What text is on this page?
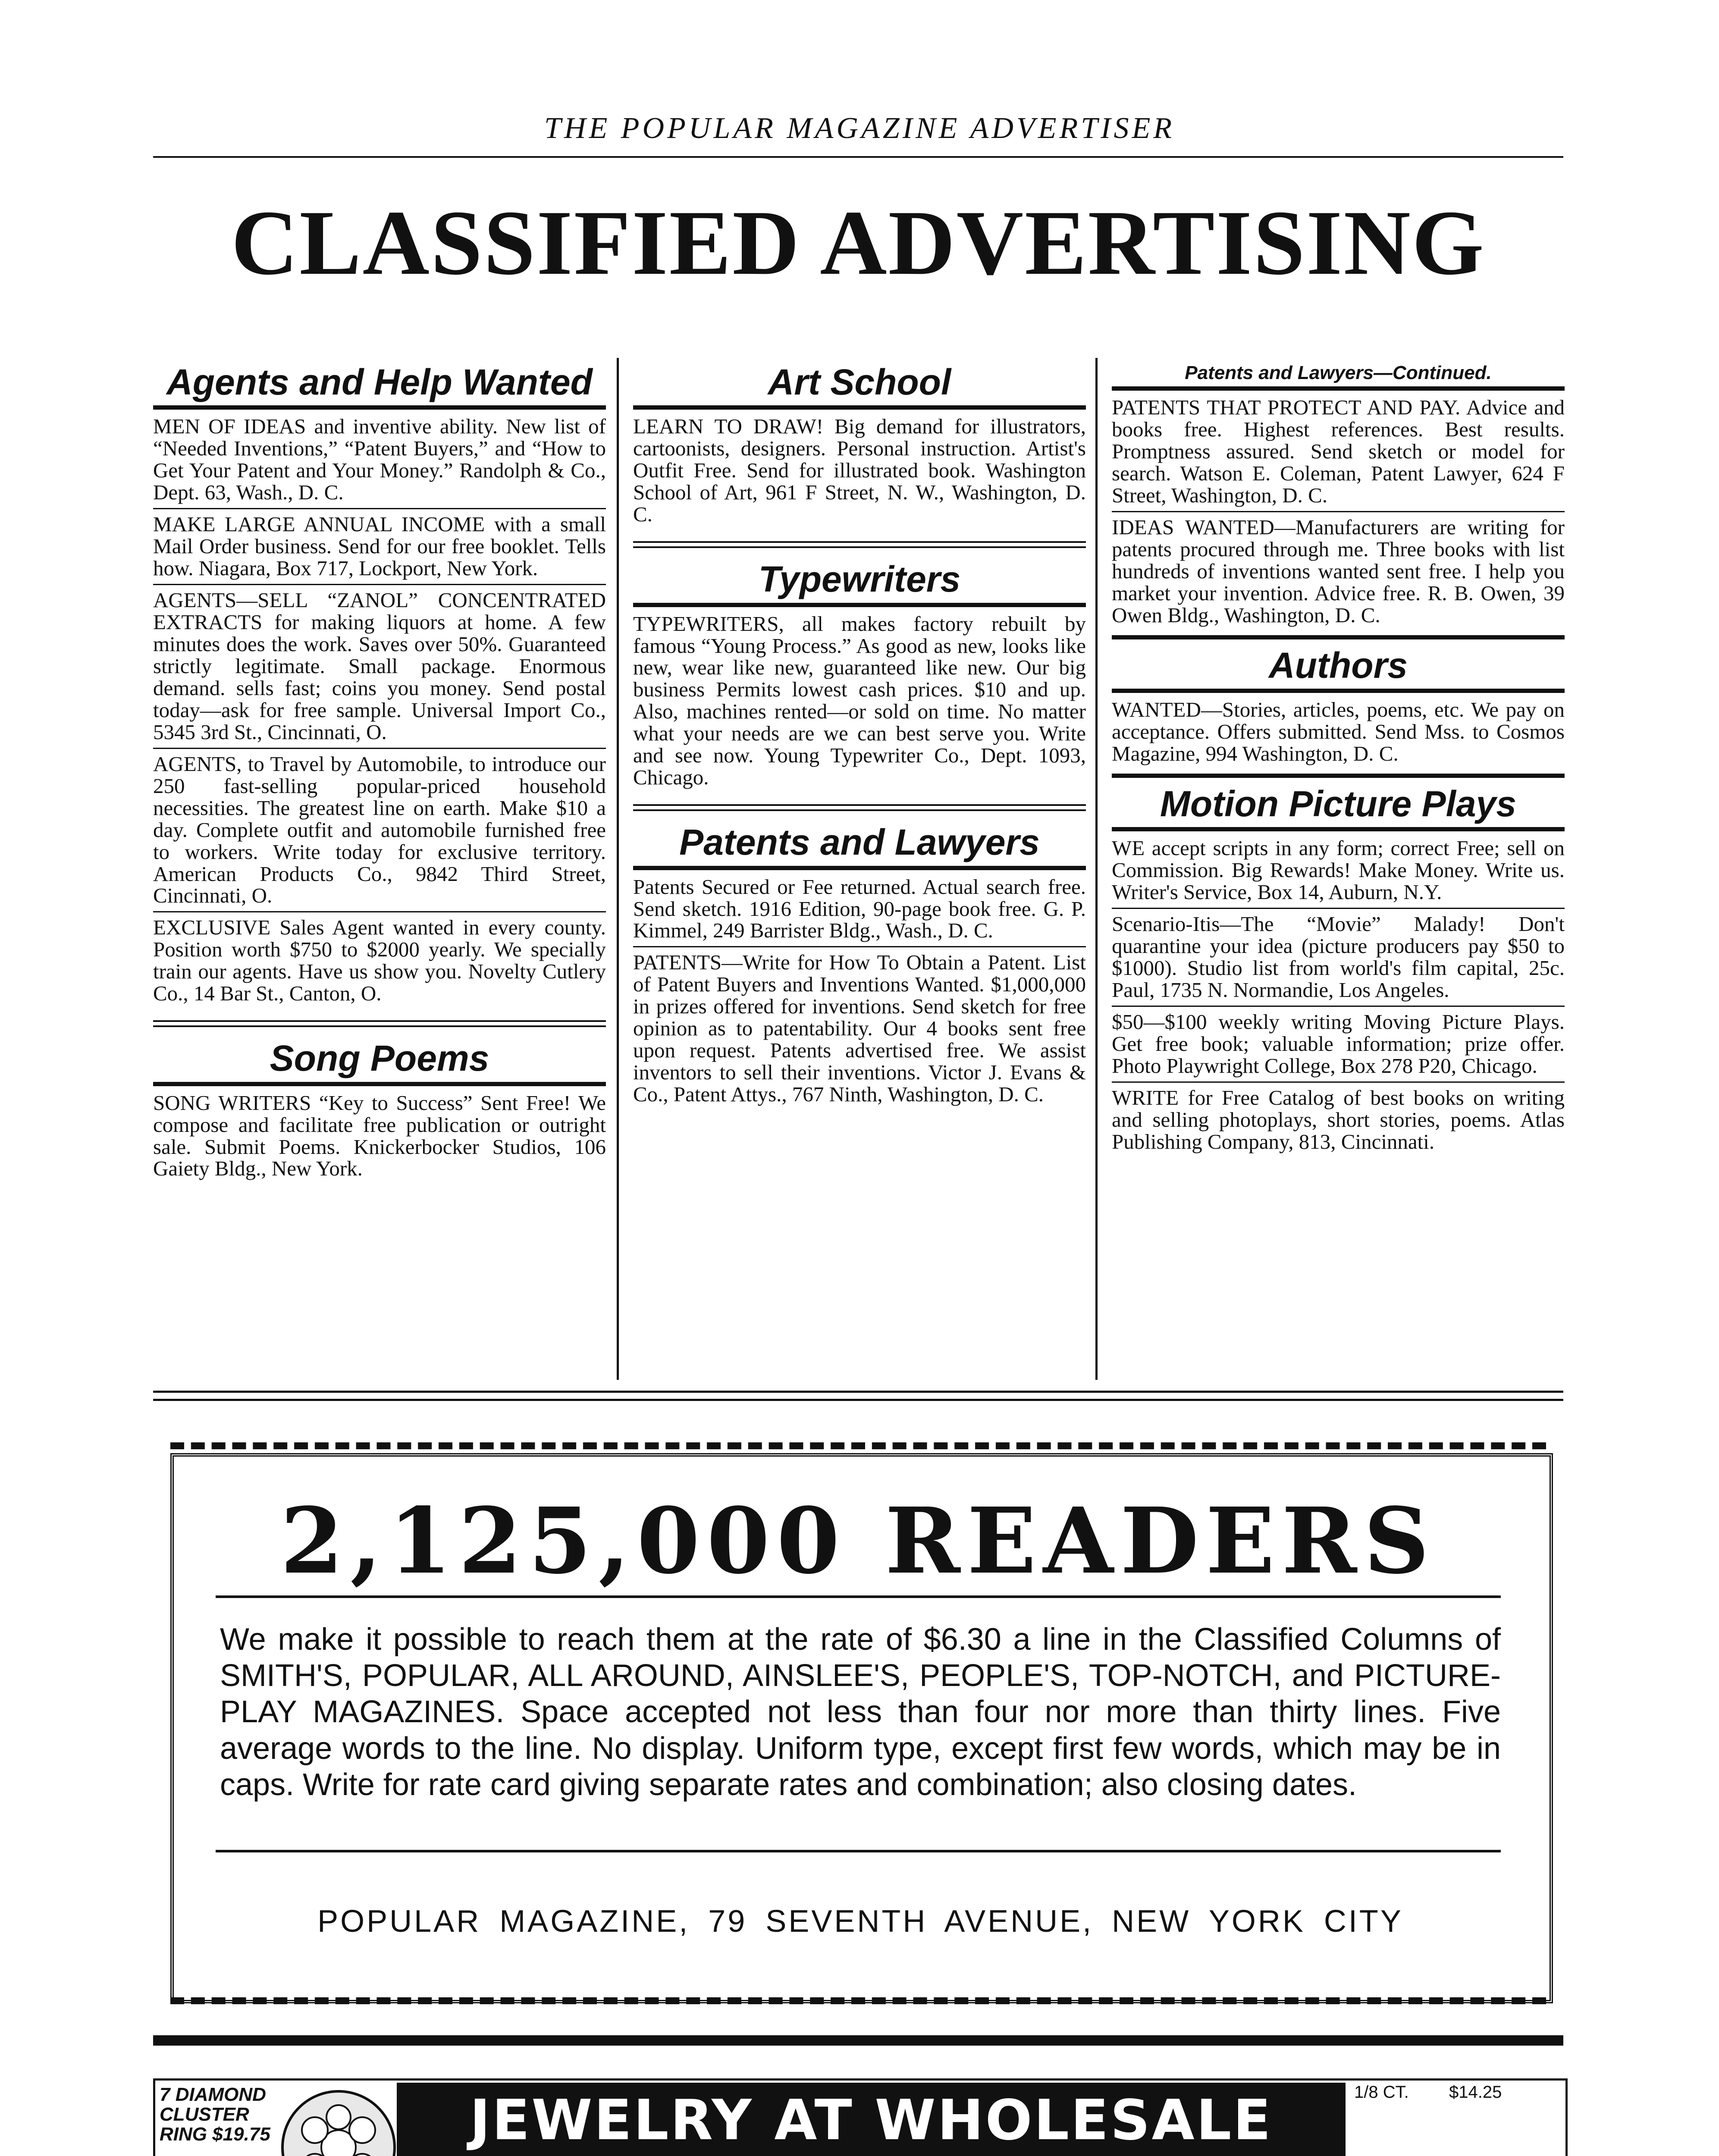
THE POPULAR MAGAZINE ADVERTISER
CLASSIFIED ADVERTISING
Agents and Help Wanted

MEN OF IDEAS and inventive ability. New list of “Needed Inventions,” “Patent Buyers,” and “How to Get Your Patent and Your Money.” Randolph & Co., Dept. 63, Wash., D. C.

MAKE LARGE ANNUAL INCOME with a small Mail Order business. Send for our free booklet. Tells how. Niagara, Box 717, Lockport, New York.

AGENTS—SELL “ZANOL” CONCENTRATED EXTRACTS for making liquors at home. A few minutes does the work. Saves over 50%. Guaranteed strictly legitimate. Small package. Enormous demand. sells fast; coins you money. Send postal today—ask for free sample. Universal Import Co., 5345 3rd St., Cincinnati, O.

AGENTS, to Travel by Automobile, to introduce our 250 fast-selling popular-priced household necessities. The greatest line on earth. Make $10 a day. Complete outfit and automobile furnished free to workers. Write today for exclusive territory. American Products Co., 9842 Third Street, Cincinnati, O.

EXCLUSIVE Sales Agent wanted in every county. Position worth $750 to $2000 yearly. We specially train our agents. Have us show you. Novelty Cutlery Co., 14 Bar St., Canton, O.

Song Poems

SONG WRITERS “Key to Success” Sent Free! We compose and facilitate free publication or outright sale. Submit Poems. Knickerbocker Studios, 106 Gaiety Bldg., New York.

Art School

LEARN TO DRAW! Big demand for illustrators, cartoonists, designers. Personal instruction. Artist's Outfit Free. Send for illustrated book. Washington School of Art, 961 F Street, N. W., Washington, D. C.

Typewriters

TYPEWRITERS, all makes factory rebuilt by famous “Young Process.” As good as new, looks like new, wear like new, guaranteed like new. Our big business Permits lowest cash prices. $10 and up. Also, machines rented—or sold on time. No matter what your needs are we can best serve you. Write and see now. Young Typewriter Co., Dept. 1093, Chicago.

Patents and Lawyers

Patents Secured or Fee returned. Actual search free. Send sketch. 1916 Edition, 90-page book free. G. P. Kimmel, 249 Barrister Bldg., Wash., D. C.

PATENTS—Write for How To Obtain a Patent. List of Patent Buyers and Inventions Wanted. $1,000,000 in prizes offered for inventions. Send sketch for free opinion as to patentability. Our 4 books sent free upon request. Patents advertised free. We assist inventors to sell their inventions. Victor J. Evans & Co., Patent Attys., 767 Ninth, Washington, D. C.

Patents and Lawyers—Continued.

PATENTS THAT PROTECT AND PAY. Advice and books free. Highest references. Best results. Promptness assured. Send sketch or model for search. Watson E. Coleman, Patent Lawyer, 624 F Street, Washington, D. C.

IDEAS WANTED—Manufacturers are writing for patents procured through me. Three books with list hundreds of inventions wanted sent free. I help you market your invention. Advice free. R. B. Owen, 39 Owen Bldg., Washington, D. C.

Authors

WANTED—Stories, articles, poems, etc. We pay on acceptance. Offers submitted. Send Mss. to Cosmos Magazine, 994 Washington, D. C.

Motion Picture Plays

WE accept scripts in any form; correct Free; sell on Commission. Big Rewards! Make Money. Write us. Writer's Service, Box 14, Auburn, N.Y.

Scenario-Itis—The “Movie” Malady! Don't quarantine your idea (picture producers pay $50 to $1000). Studio list from world's film capital, 25c. Paul, 1735 N. Normandie, Los Angeles.

$50—$100 weekly writing Moving Picture Plays. Get free book; valuable information; prize offer. Photo Playwright College, Box 278 P20, Chicago.

WRITE for Free Catalog of best books on writing and selling photoplays, short stories, poems. Atlas Publishing Company, 813, Cincinnati.

2,125,000 READERS
We make it possible to reach them at the rate of $6.30 a line in the Classified Columns of SMITH'S, POPULAR, ALL AROUND, AINSLEE'S, PEOPLE'S, TOP-NOTCH, and PICTURE-PLAY MAGAZINES. Space accepted not less than four nor more than thirty lines. Five average words to the line. No display. Uniform type, except first few words, which may be in caps. Write for rate card giving separate rates and combination; also closing dates.
POPULAR MAGAZINE, 79 SEVENTH AVENUE, NEW YORK CITY
7 DIAMOND CLUSTER RING $19.75	JEWELRY AT WHOLESALE	1/8 CT. $14.25
